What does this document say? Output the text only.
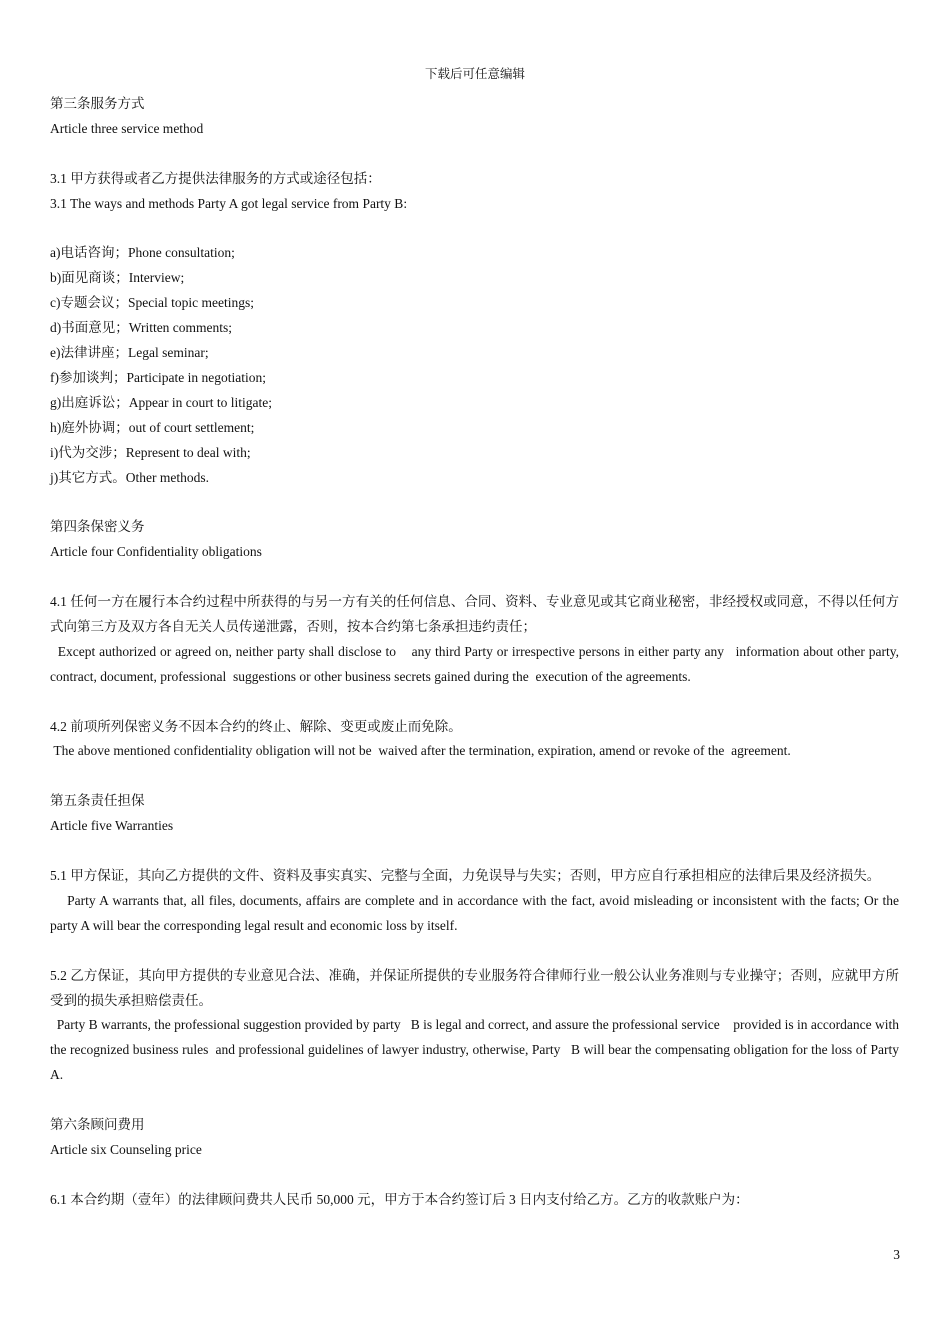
下载后可任意编辑
第三条服务方式
Article three service method
3.1 甲方获得或者乙方提供法律服务的方式或途径包括：
3.1 The ways and methods Party A got legal service from Party B:
a)电话咨询；Phone consultation;
b)面见商谈；Interview;
c)专题会议；Special topic meetings;
d)书面意见；Written comments;
e)法律讲座；Legal seminar;
f)参加谈判；Participate in negotiation;
g)出庭诉讼；Appear in court to litigate;
h)庭外协调；out of court settlement;
i)代为交涉；Represent to deal with;
j)其它方式。Other methods.
第四条保密义务
Article four Confidentiality obligations
4.1 任何一方在履行本合约过程中所获得的与另一方有关的任何信息、合同、资料、专业意见或其它商业秘密，非经授权或同意，不得以任何方式向第三方及双方各自无关人员传递泄露，否则，按本合约第七条承担违约责任；
Except authorized or agreed on, neither party shall disclose to    any third Party or irrespective persons in either party any   information about other party, contract, document, professional  suggestions or other business secrets gained during the  execution of the agreements.
4.2 前项所列保密义务不因本合约的终止、解除、变更或废止而免除。
The above mentioned confidentiality obligation will not be  waived after the termination, expiration, amend or revoke of the  agreement.
第五条责任担保
Article five Warranties
5.1 甲方保证，其向乙方提供的文件、资料及事实真实、完整与全面，力免误导与失实；否则，甲方应自行承担相应的法律后果及经济损失。
Party A warrants that, all files, documents, affairs are complete and in accordance with the fact, avoid misleading or inconsistent with the facts; Or the party A will bear the corresponding legal result and economic loss by itself.
5.2 乙方保证，其向甲方提供的专业意见合法、准确，并保证所提供的专业服务符合律师行业一般公认业务准则与专业操守；否则，应就甲方所受到的损失承担赔偿责任。
Party B warrants, the professional suggestion provided by party   B is legal and correct, and assure the professional service    provided is in accordance with the recognized business rules  and professional guidelines of lawyer industry, otherwise, Party   B will bear the compensating obligation for the loss of Party A.
第六条顾问费用
Article six Counseling price
6.1 本合约期（壹年）的法律顾问费共人民币 50,000 元，甲方于本合约签订后 3 日内支付给乙方。乙方的收款账户为：
3
